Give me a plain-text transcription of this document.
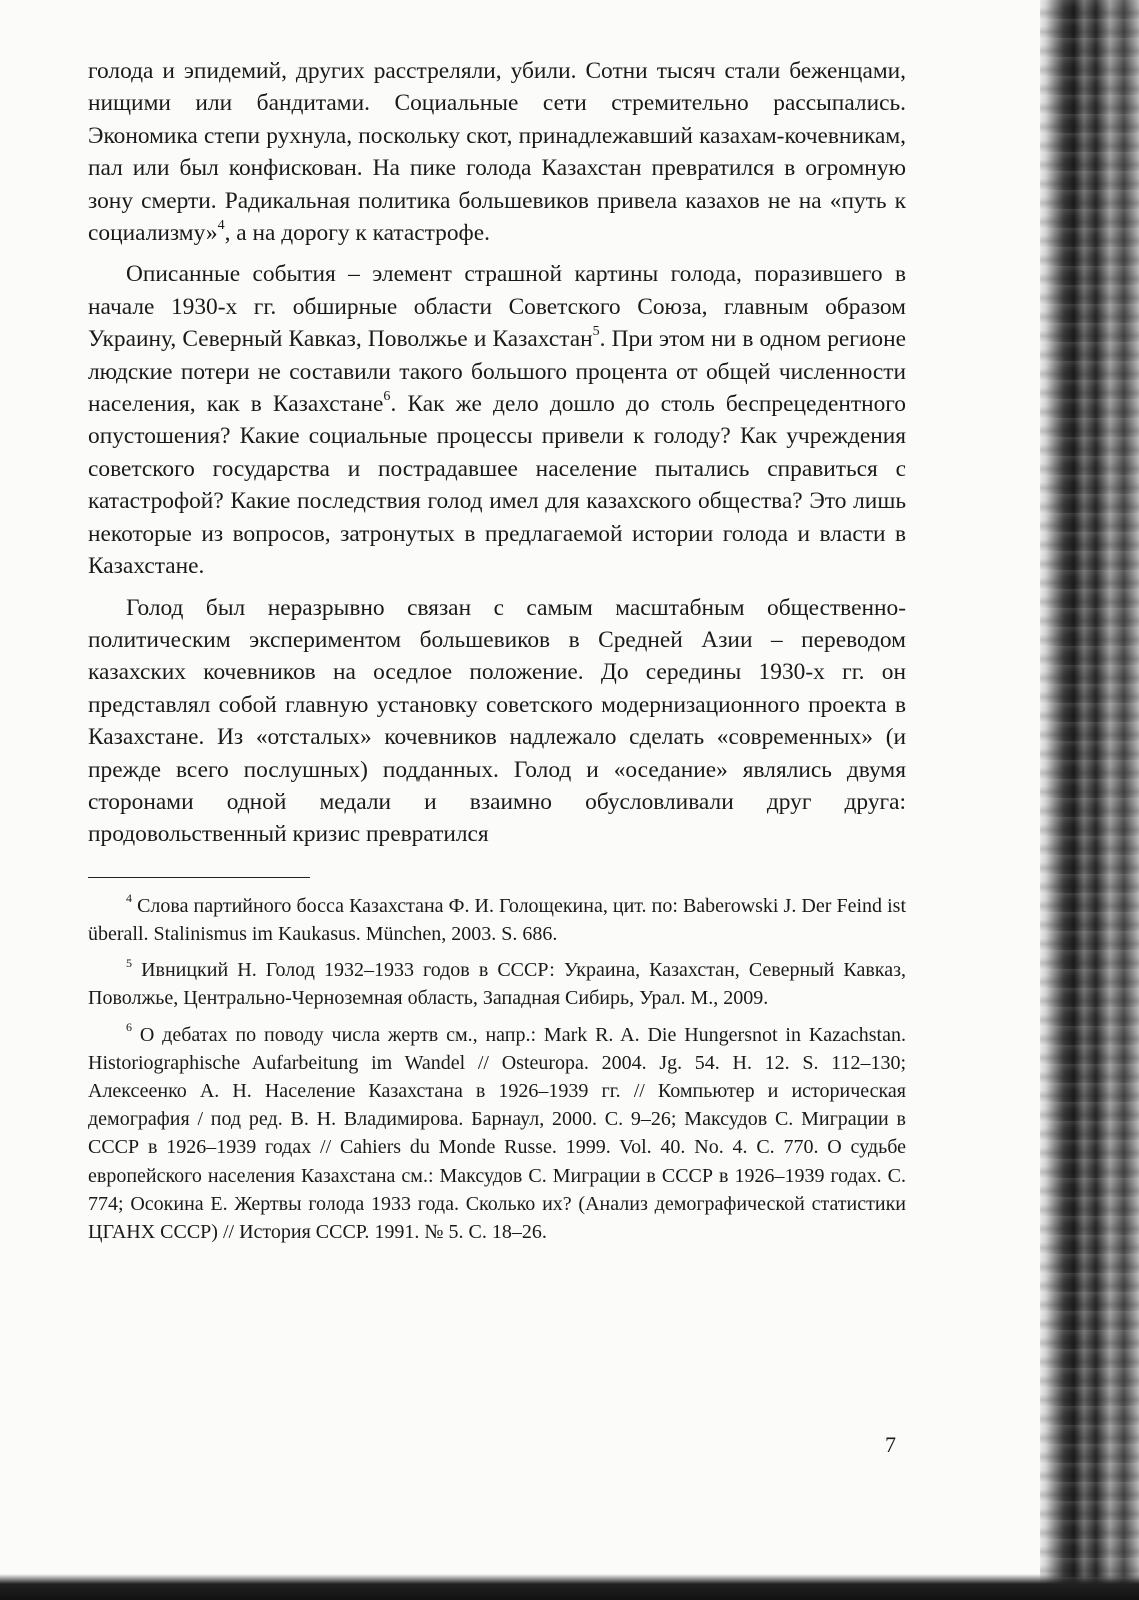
голода и эпидемий, других расстреляли, убили. Сотни тысяч стали беженцами, нищими или бандитами. Социальные сети стремительно рассыпались. Экономика степи рухнула, поскольку скот, принадлежавший казахам-кочевникам, пал или был конфискован. На пике голода Казахстан превратился в огромную зону смерти. Радикальная политика большевиков привела казахов не на «путь к социализму»$^4$, а на дорогу к катастрофе.

Описанные события – элемент страшной картины голода, поразившего в начале 1930-х гг. обширные области Советского Союза, главным образом Украину, Северный Кавказ, Поволжье и Казахстан$^5$. При этом ни в одном регионе людские потери не составили такого большого процента от общей численности населения, как в Казахстане$^6$. Как же дело дошло до столь беспрецедентного опустошения? Какие социальные процессы привели к голоду? Как учреждения советского государства и пострадавшее население пытались справиться с катастрофой? Какие последствия голод имел для казахского общества? Это лишь некоторые из вопросов, затронутых в предлагаемой истории голода и власти в Казахстане.

Голод был неразрывно связан с самым масштабным общественно-политическим экспериментом большевиков в Средней Азии – переводом казахских кочевников на оседлое положение. До середины 1930-х гг. он представлял собой главную установку советского модернизационного проекта в Казахстане. Из «отсталых» кочевников надлежало сделать «современных» (и прежде всего послушных) подданных. Голод и «оседание» являлись двумя сторонами одной медали и взаимно обусловливали друг друга: продовольственный кризис превратился

$^4$ Слова партийного босса Казахстана Ф. И. Голощекина, цит. по: Baberowski J. Der Feind ist überall. Stalinismus im Kaukasus. München, 2003. S. 686.

$^5$ Ивницкий Н. Голод 1932–1933 годов в СССР: Украина, Казахстан, Северный Кавказ, Поволжье, Центрально-Черноземная область, Западная Сибирь, Урал. М., 2009.

$^6$ О дебатах по поводу числа жертв см., напр.: Mark R. A. Die Hungersnot in Kazachstan. Historiographische Aufarbeitung im Wandel // Osteuropa. 2004. Jg. 54. H. 12. S. 112–130; Алексеенко А. Н. Население Казахстана в 1926–1939 гг. // Компьютер и историческая демография / под ред. В. Н. Владимирова. Барнаул, 2000. С. 9–26; Максудов С. Миграции в СССР в 1926–1939 годах // Cahiers du Monde Russe. 1999. Vol. 40. No. 4. C. 770. О судьбе европейского населения Казахстана см.: Максудов С. Миграции в СССР в 1926–1939 годах. С. 774; Осокина Е. Жертвы голода 1933 года. Сколько их? (Анализ демографической статистики ЦГАНХ СССР) // История СССР. 1991. № 5. С. 18–26.

7
